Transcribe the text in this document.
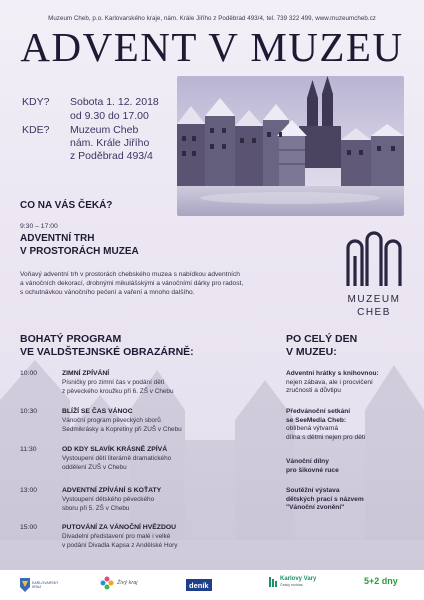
Muzeum Cheb, p.o. Karlovarského kraje, nám. Krále Jiřího z Poděbrad 493/4, tel. 739 322 499, www.muzeumcheb.cz
ADVENT V MUZEU
KDY? Sobota 1. 12. 2018
od 9.30 do 17.00
KDE? Muzeum Cheb
nám. Krále Jiřího
z Poděbrad 493/4
CO NA VÁS ČEKÁ?
9:30 – 17:00
ADVENTNÍ TRH
V PROSTORÁCH MUZEA
Voňavý adventní trh v prostorách chebského muzea s nabídkou adventních
a vánočních dekorací, drobnými mikulášskými a vánočními dárky pro radost,
s ochutnávkou vánočního pečení a vaření a mnoho dalšího.
MUZEUM
CHEB
BOHATÝ PROGRAM
VE VALDŠTEJNSKÉ OBRAZÁRNĚ:
10:00	ZIMNÍ ZPÍVÁNÍ
Písničky pro zimní čas v podání dětí
z pěveckého kroužku při 6. ZŠ v Chebu
10:30	BLÍŽÍ SE ČAS VÁNOC
Vánoční program pěveckých sborů
Sedmikrásky a Kopretiny při ZUŠ v Chebu
11:30	OD KDY SLAVÍK KRÁSNĚ ZPÍVÁ
Vystoupení dětí literárně dramatického
oddělení ZUŠ v Chebu
13:00	ADVENTNÍ ZPÍVÁNÍ S KOŤATY
Vystoupení dětského pěveckého
sboru při 5. ZŠ v Chebu
15:00	PUTOVÁNÍ ZA VÁNOČNÍ HVĚZDOU
Divadelní představení pro malé i velké
v podání Divadla Kapsa z Andělské Hory
PO CELÝ DEN
V MUZEU:
Adventní hrátky s knihovnou:
nejen zábava, ale i procvičení
zručnosti a důvtipu
Předvánoční setkání
se SeeMedia Cheb:
oblíbená výtvarná
dílna s dětmi nejen pro děti
Vánoční dílny
pro šikovné ruce
Soutěžní výstava
dětských prací s názvem
"Vánoční zvonění"
KARLOVARSKÝ KRAJ
Živý kraj	deník
Karlovy Vary
Český rozhlas	5+2 dny
